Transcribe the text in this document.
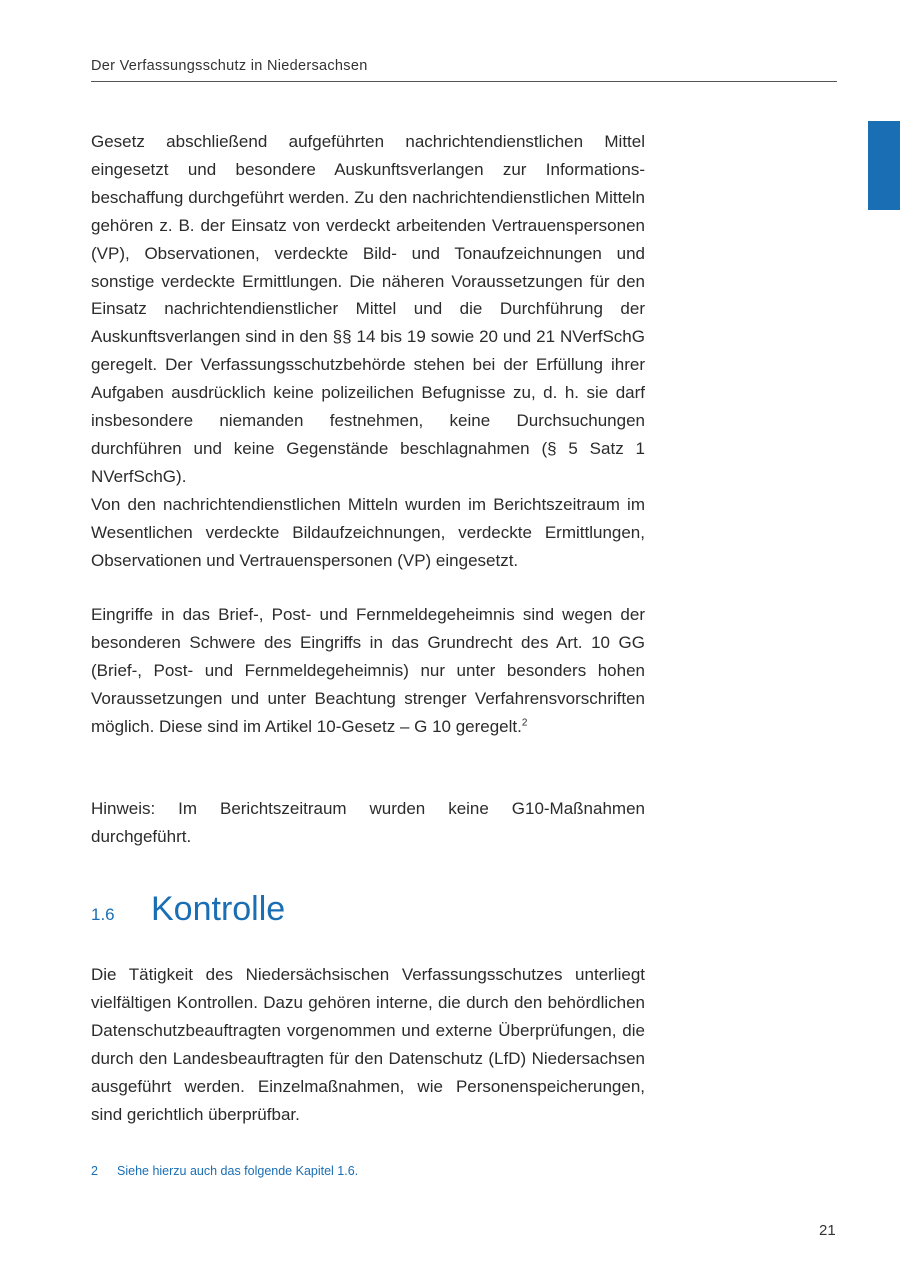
Der Verfassungsschutz in Niedersachsen

Gesetz abschließend aufgeführten nachrichtendienstlichen Mittel eingesetzt und besondere Auskunftsverlangen zur Informationsbeschaffung durchgeführt werden. Zu den nachrichtendienstlichen Mitteln gehören z. B. der Einsatz von verdeckt arbeitenden Vertrauenspersonen (VP), Observationen, verdeckte Bild- und Tonaufzeichnungen und sonstige verdeckte Ermittlungen. Die näheren Voraussetzungen für den Einsatz nachrichtendienstlicher Mittel und die Durchführung der Auskunftsverlangen sind in den §§ 14 bis 19 sowie 20 und 21 NVerfSchG geregelt. Der Verfassungsschutzbehörde stehen bei der Erfüllung ihrer Aufgaben ausdrücklich keine polizeilichen Befugnisse zu, d. h. sie darf insbesondere niemanden festnehmen, keine Durchsuchungen durchführen und keine Gegenstände beschlagnahmen (§ 5 Satz 1 NVerfSchG).

Von den nachrichtendienstlichen Mitteln wurden im Berichtszeitraum im Wesentlichen verdeckte Bildaufzeichnungen, verdeckte Ermittlungen, Observationen und Vertrauenspersonen (VP) eingesetzt.

Eingriffe in das Brief-, Post- und Fernmeldegeheimnis sind wegen der besonderen Schwere des Eingriffs in das Grundrecht des Art. 10 GG (Brief-, Post- und Fernmeldegeheimnis) nur unter besonders hohen Voraussetzungen und unter Beachtung strenger Verfahrensvorschriften möglich. Diese sind im Artikel 10-Gesetz – G 10 geregelt.$^2$

Hinweis: Im Berichtszeitraum wurden keine G10-Maßnahmen durchgeführt.

1.6	Kontrolle

Die Tätigkeit des Niedersächsischen Verfassungsschutzes unterliegt vielfältigen Kontrollen. Dazu gehören interne, die durch den behördlichen Datenschutzbeauftragten vorgenommen und externe Überprüfungen, die durch den Landesbeauftragten für den Datenschutz (LfD) Niedersachsen ausgeführt werden. Einzelmaßnahmen, wie Personenspeicherungen, sind gerichtlich überprüfbar.

2	Siehe hierzu auch das folgende Kapitel 1.6.
21
